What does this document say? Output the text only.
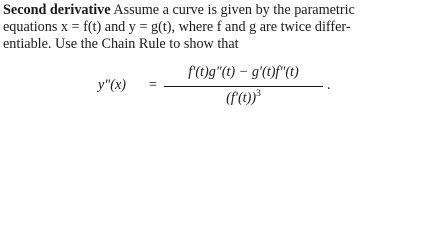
Second derivative Assume a curve is given by the parametric
equations x = f(t) and y = g(t), where f and g are twice differ-
entiable. Use the Chain Rule to show that
y"(x) =
f′(t)g"(t) − g′(t)f"(t)
$(f'(t))^3$
.
